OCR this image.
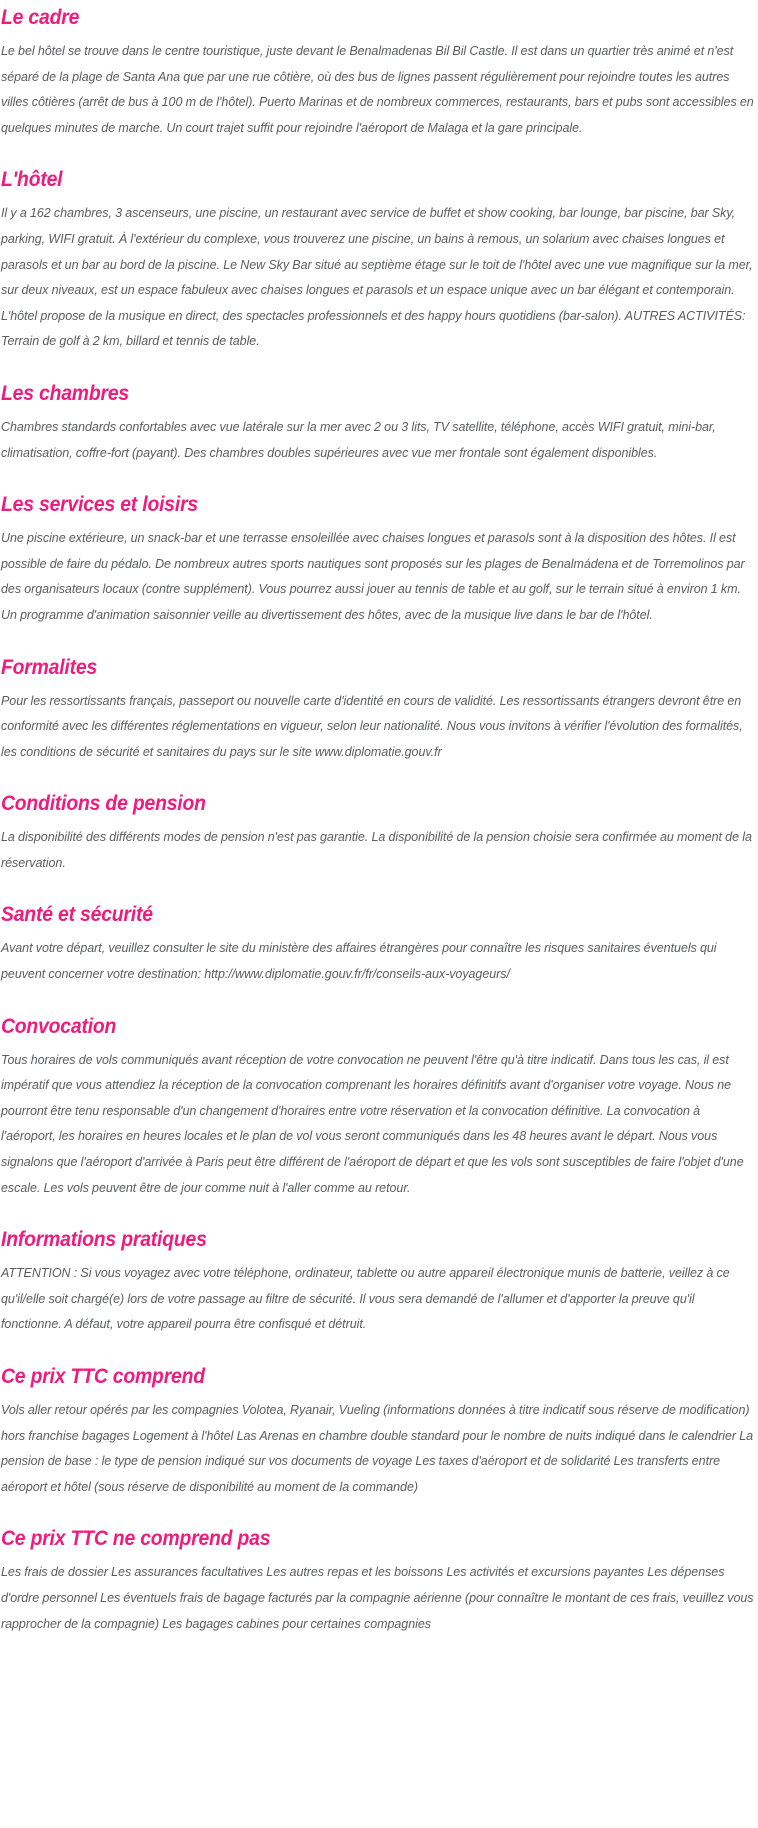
Le cadre

Le bel hôtel se trouve dans le centre touristique, juste devant le Benalmadenas Bil Bil Castle. Il est dans un quartier très animé et n'est séparé de la plage de Santa Ana que par une rue côtière, où des bus de lignes passent régulièrement pour rejoindre toutes les autres villes côtières (arrêt de bus à 100 m de l'hôtel). Puerto Marinas et de nombreux commerces, restaurants, bars et pubs sont accessibles en quelques minutes de marche. Un court trajet suffit pour rejoindre l'aéroport de Malaga et la gare principale.

L'hôtel

Il y a 162 chambres, 3 ascenseurs, une piscine, un restaurant avec service de buffet et show cooking, bar lounge, bar piscine, bar Sky, parking, WIFI gratuit. À l'extérieur du complexe, vous trouverez une piscine, un bains à remous, un solarium avec chaises longues et parasols et un bar au bord de la piscine. Le New Sky Bar situé au septième étage sur le toit de l'hôtel avec une vue magnifique sur la mer, sur deux niveaux, est un espace fabuleux avec chaises longues et parasols et un espace unique avec un bar élégant et contemporain. L'hôtel propose de la musique en direct, des spectacles professionnels et des happy hours quotidiens (bar-salon). AUTRES ACTIVITÉS: Terrain de golf à 2 km, billard et tennis de table.

Les chambres

Chambres standards confortables avec vue latérale sur la mer avec 2 ou 3 lits, TV satellite, téléphone, accès WIFI gratuit, mini-bar, climatisation, coffre-fort (payant). Des chambres doubles supérieures avec vue mer frontale sont également disponibles.

Les services et loisirs

Une piscine extérieure, un snack-bar et une terrasse ensoleillée avec chaises longues et parasols sont à la disposition des hôtes. Il est possible de faire du pédalo. De nombreux autres sports nautiques sont proposés sur les plages de Benalmádena et de Torremolinos par des organisateurs locaux (contre supplément). Vous pourrez aussi jouer au tennis de table et au golf, sur le terrain situé à environ 1 km. Un programme d'animation saisonnier veille au divertissement des hôtes, avec de la musique live dans le bar de l'hôtel.

Formalites

Pour les ressortissants français, passeport ou nouvelle carte d'identité en cours de validité. Les ressortissants étrangers devront être en conformité avec les différentes réglementations en vigueur, selon leur nationalité. Nous vous invitons à vérifier l'évolution des formalités, les conditions de sécurité et sanitaires du pays sur le site www.diplomatie.gouv.fr

Conditions de pension

La disponibilité des différents modes de pension n'est pas garantie. La disponibilité de la pension choisie sera confirmée au moment de la réservation.

Santé et sécurité

Avant votre départ, veuillez consulter le site du ministère des affaires étrangères pour connaître les risques sanitaires éventuels qui peuvent concerner votre destination: http://www.diplomatie.gouv.fr/fr/conseils-aux-voyageurs/

Convocation

Tous horaires de vols communiqués avant réception de votre convocation ne peuvent l'être qu'à titre indicatif. Dans tous les cas, il est impératif que vous attendiez la réception de la convocation comprenant les horaires définitifs avant d'organiser votre voyage. Nous ne pourront être tenu responsable d'un changement d'horaires entre votre réservation et la convocation définitive. La convocation à l'aéroport, les horaires en heures locales et le plan de vol vous seront communiqués dans les 48 heures avant le départ. Nous vous signalons que l'aéroport d'arrivée à Paris peut être différent de l'aéroport de départ et que les vols sont susceptibles de faire l'objet d'une escale. Les vols peuvent être de jour comme nuit à l'aller comme au retour.

Informations pratiques

ATTENTION : Si vous voyagez avec votre téléphone, ordinateur, tablette ou autre appareil électronique munis de batterie, veillez à ce qu'il/elle soit chargé(e) lors de votre passage au filtre de sécurité. Il vous sera demandé de l'allumer et d'apporter la preuve qu'il fonctionne. A défaut, votre appareil pourra être confisqué et détruit.

Ce prix TTC comprend

Vols aller retour opérés par les compagnies Volotea, Ryanair, Vueling (informations données à titre indicatif sous réserve de modification) hors franchise bagages Logement à l'hôtel Las Arenas en chambre double standard pour le nombre de nuits indiqué dans le calendrier La pension de base : le type de pension indiqué sur vos documents de voyage Les taxes d'aéroport et de solidarité Les transferts entre aéroport et hôtel (sous réserve de disponibilité au moment de la commande)

Ce prix TTC ne comprend pas

Les frais de dossier Les assurances facultatives Les autres repas et les boissons Les activités et excursions payantes Les dépenses d'ordre personnel Les éventuels frais de bagage facturés par la compagnie aérienne (pour connaître le montant de ces frais, veuillez vous rapprocher de la compagnie) Les bagages cabines pour certaines compagnies
